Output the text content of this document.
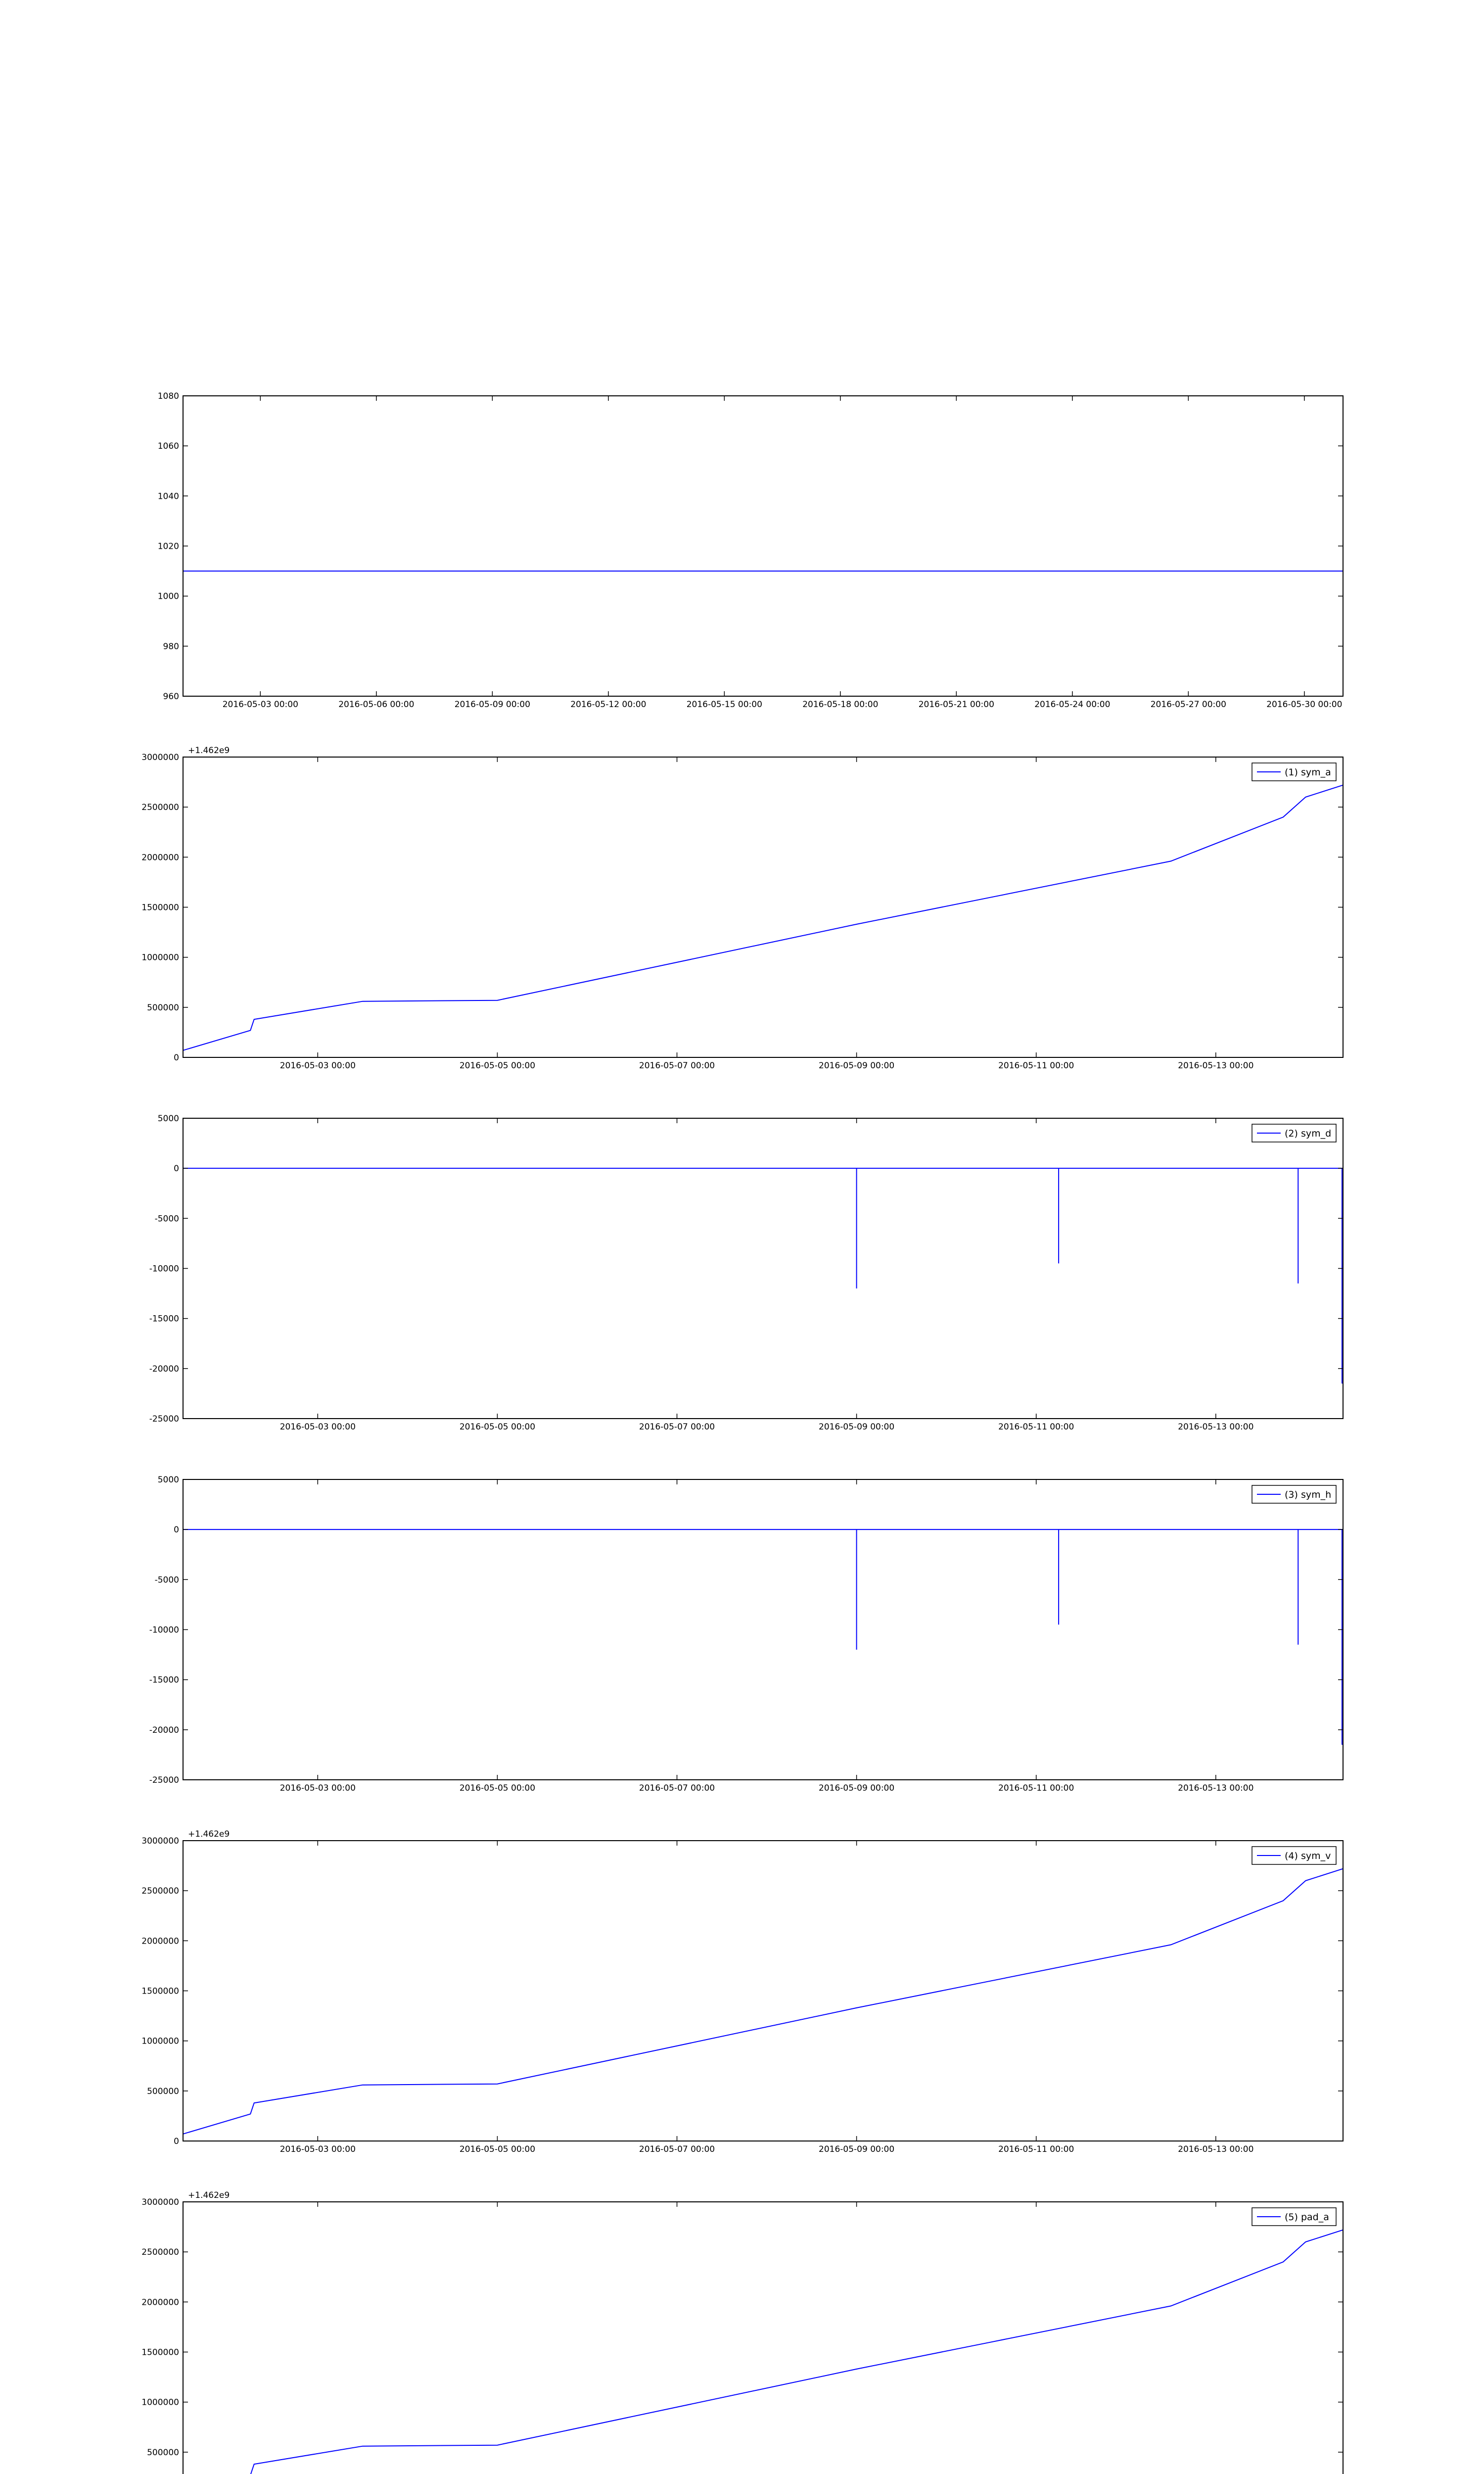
960
980
1000
1020
1040
1060
1080
2016-05-03 00:00	2016-05-06 00:00	2016-05-09 00:00	2016-05-12 00:00	2016-05-15 00:00	2016-05-18 00:00	2016-05-21 00:00	2016-05-24 00:00	2016-05-27 00:00	2016-05-30 00:00
0
500000
1000000
1500000
2000000
2500000
3000000
2016-05-03 00:00	2016-05-05 00:00	2016-05-07 00:00	2016-05-09 00:00	2016-05-11 00:00	2016-05-13 00:00
+1.462e9
(1) sym_a
-25000
-20000
-15000
-10000
-5000
0
5000
2016-05-03 00:00	2016-05-05 00:00	2016-05-07 00:00	2016-05-09 00:00	2016-05-11 00:00	2016-05-13 00:00
(2) sym_d
-25000
-20000
-15000
-10000
-5000
0
5000
2016-05-03 00:00	2016-05-05 00:00	2016-05-07 00:00	2016-05-09 00:00	2016-05-11 00:00	2016-05-13 00:00
(3) sym_h
0
500000
1000000
1500000
2000000
2500000
3000000
2016-05-03 00:00	2016-05-05 00:00	2016-05-07 00:00	2016-05-09 00:00	2016-05-11 00:00	2016-05-13 00:00
+1.462e9
(4) sym_v
500000
1000000
1500000
2000000
2500000
3000000
+1.462e9
(5) pad_a
